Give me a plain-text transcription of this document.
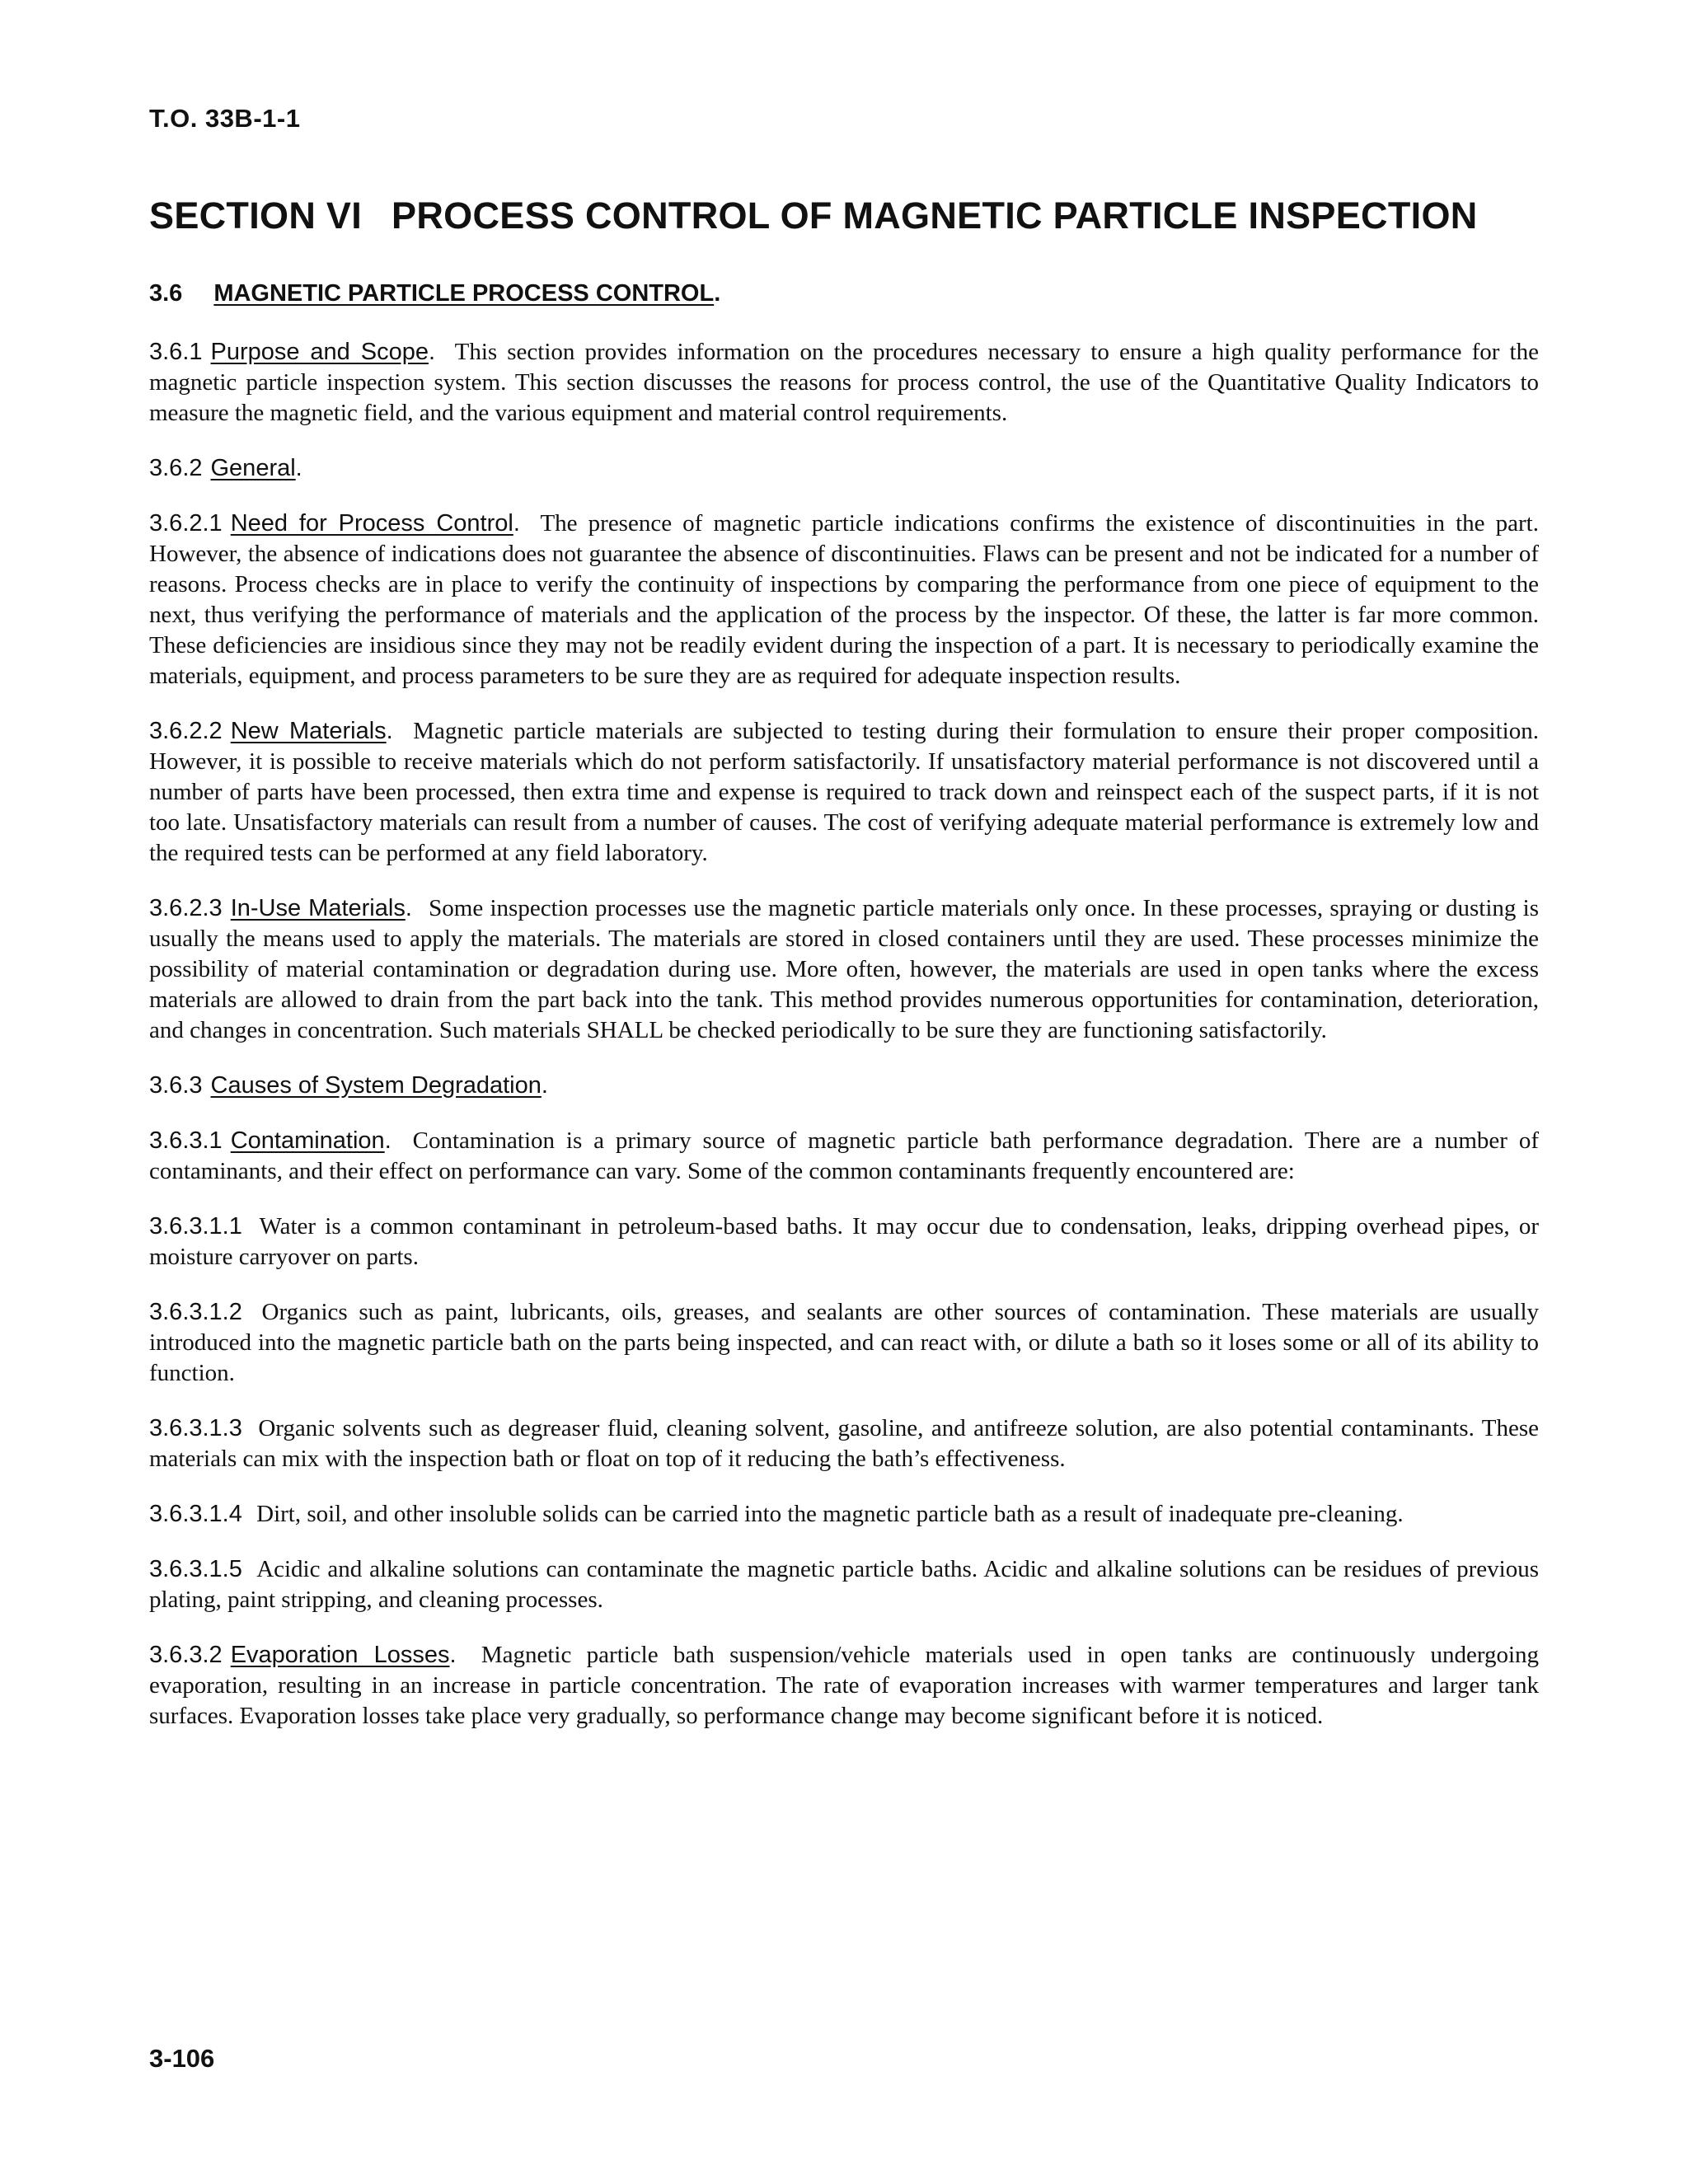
T.O. 33B-1-1
SECTION VI PROCESS CONTROL OF MAGNETIC PARTICLE INSPECTION
3.6 MAGNETIC PARTICLE PROCESS CONTROL.

3.6.1 Purpose and Scope. This section provides information on the procedures necessary to ensure a high quality performance for the magnetic particle inspection system. This section discusses the reasons for process control, the use of the Quantitative Quality Indicators to measure the magnetic field, and the various equipment and material control requirements.

3.6.2 General.

3.6.2.1 Need for Process Control. The presence of magnetic particle indications confirms the existence of discontinuities in the part. However, the absence of indications does not guarantee the absence of discontinuities. Flaws can be present and not be indicated for a number of reasons. Process checks are in place to verify the continuity of inspections by comparing the performance from one piece of equipment to the next, thus verifying the performance of materials and the application of the process by the inspector. Of these, the latter is far more common. These deficiencies are insidious since they may not be readily evident during the inspection of a part. It is necessary to periodically examine the materials, equipment, and process parameters to be sure they are as required for adequate inspection results.

3.6.2.2 New Materials. Magnetic particle materials are subjected to testing during their formulation to ensure their proper composition. However, it is possible to receive materials which do not perform satisfactorily. If unsatisfactory material performance is not discovered until a number of parts have been processed, then extra time and expense is required to track down and reinspect each of the suspect parts, if it is not too late. Unsatisfactory materials can result from a number of causes. The cost of verifying adequate material performance is extremely low and the required tests can be performed at any field laboratory.

3.6.2.3 In-Use Materials. Some inspection processes use the magnetic particle materials only once. In these processes, spraying or dusting is usually the means used to apply the materials. The materials are stored in closed containers until they are used. These processes minimize the possibility of material contamination or degradation during use. More often, however, the materials are used in open tanks where the excess materials are allowed to drain from the part back into the tank. This method provides numerous opportunities for contamination, deterioration, and changes in concentration. Such materials SHALL be checked periodically to be sure they are functioning satisfactorily.

3.6.3 Causes of System Degradation.

3.6.3.1 Contamination. Contamination is a primary source of magnetic particle bath performance degradation. There are a number of contaminants, and their effect on performance can vary. Some of the common contaminants frequently encountered are:

3.6.3.1.1 Water is a common contaminant in petroleum-based baths. It may occur due to condensation, leaks, dripping overhead pipes, or moisture carryover on parts.

3.6.3.1.2 Organics such as paint, lubricants, oils, greases, and sealants are other sources of contamination. These materials are usually introduced into the magnetic particle bath on the parts being inspected, and can react with, or dilute a bath so it loses some or all of its ability to function.

3.6.3.1.3 Organic solvents such as degreaser fluid, cleaning solvent, gasoline, and antifreeze solution, are also potential contaminants. These materials can mix with the inspection bath or float on top of it reducing the bath’s effectiveness.

3.6.3.1.4 Dirt, soil, and other insoluble solids can be carried into the magnetic particle bath as a result of inadequate pre-cleaning.

3.6.3.1.5 Acidic and alkaline solutions can contaminate the magnetic particle baths. Acidic and alkaline solutions can be residues of previous plating, paint stripping, and cleaning processes.

3.6.3.2 Evaporation Losses. Magnetic particle bath suspension/vehicle materials used in open tanks are continuously undergoing evaporation, resulting in an increase in particle concentration. The rate of evaporation increases with warmer temperatures and larger tank surfaces. Evaporation losses take place very gradually, so performance change may become significant before it is noticed.

3-106
